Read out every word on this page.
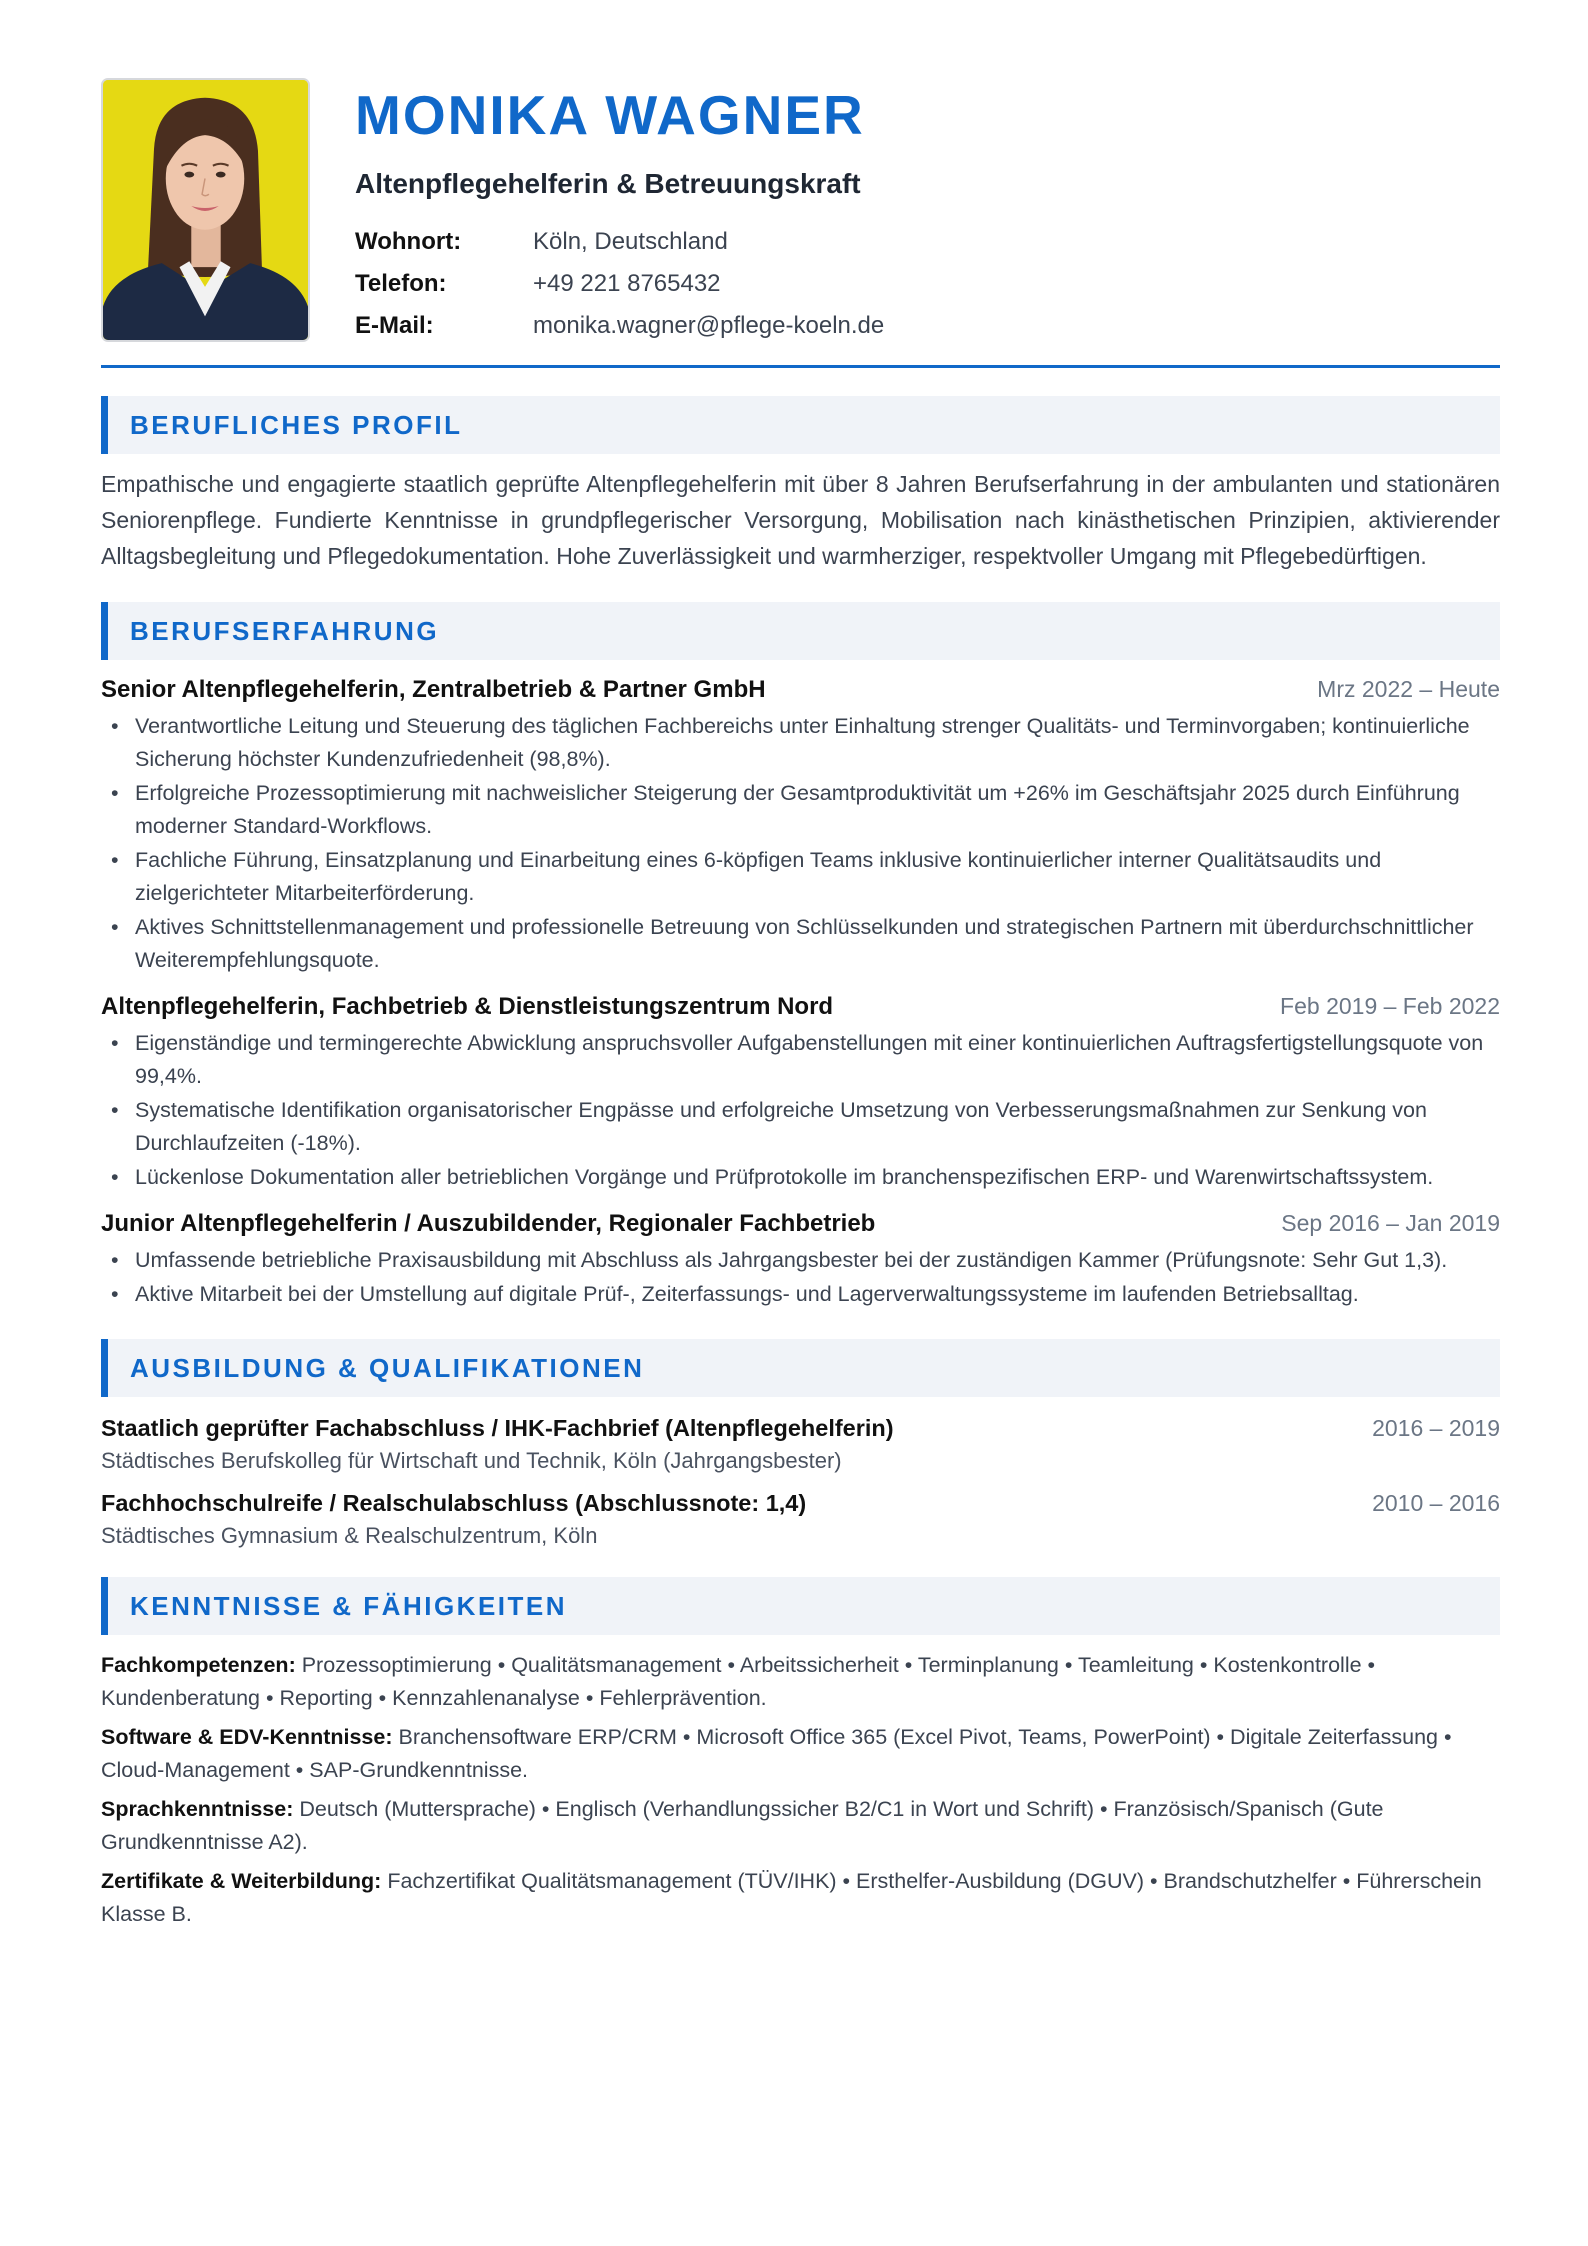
MONIKA WAGNER
Altenpflegehelferin & Betreuungskraft
Wohnort:	Köln, Deutschland
Telefon:	+49 221 8765432
E-Mail:	monika.wagner@pflege-koeln.de
BERUFLICHES PROFIL

Empathische und engagierte staatlich geprüfte Altenpflegehelferin mit über 8 Jahren Berufserfahrung in der ambulanten und stationären Seniorenpflege. Fundierte Kenntnisse in grundpflegerischer Versorgung, Mobilisation nach kinästhetischen Prinzipien, aktivierender Alltagsbegleitung und Pflegedokumentation. Hohe Zuverlässigkeit und warmherziger, respektvoller Umgang mit Pflegebedürftigen.

BERUFSERFAHRUNG
Senior Altenpflegehelferin, Zentralbetrieb & Partner GmbH	Mrz 2022 – Heute
• Verantwortliche Leitung und Steuerung des täglichen Fachbereichs unter Einhaltung strenger Qualitäts- und Terminvorgaben; kontinuierliche Sicherung höchster Kundenzufriedenheit (98,8%).
• Erfolgreiche Prozessoptimierung mit nachweislicher Steigerung der Gesamtproduktivität um +26% im Geschäftsjahr 2025 durch Einführung moderner Standard-Workflows.
• Fachliche Führung, Einsatzplanung und Einarbeitung eines 6-köpfigen Teams inklusive kontinuierlicher interner Qualitätsaudits und zielgerichteter Mitarbeiterförderung.
• Aktives Schnittstellenmanagement und professionelle Betreuung von Schlüsselkunden und strategischen Partnern mit überdurchschnittlicher Weiterempfehlungsquote.
Altenpflegehelferin, Fachbetrieb & Dienstleistungszentrum Nord	Feb 2019 – Feb 2022
• Eigenständige und termingerechte Abwicklung anspruchsvoller Aufgabenstellungen mit einer kontinuierlichen Auftragsfertigstellungsquote von 99,4%.
• Systematische Identifikation organisatorischer Engpässe und erfolgreiche Umsetzung von Verbesserungsmaßnahmen zur Senkung von Durchlaufzeiten (-18%).
• Lückenlose Dokumentation aller betrieblichen Vorgänge und Prüfprotokolle im branchenspezifischen ERP- und Warenwirtschaftssystem.
Junior Altenpflegehelferin / Auszubildender, Regionaler Fachbetrieb	Sep 2016 – Jan 2019
• Umfassende betriebliche Praxisausbildung mit Abschluss als Jahrgangsbester bei der zuständigen Kammer (Prüfungsnote: Sehr Gut 1,3).
• Aktive Mitarbeit bei der Umstellung auf digitale Prüf-, Zeiterfassungs- und Lagerverwaltungssysteme im laufenden Betriebsalltag.
AUSBILDUNG & QUALIFIKATIONEN
Staatlich geprüfter Fachabschluss / IHK-Fachbrief (Altenpflegehelferin)	2016 – 2019
Städtisches Berufskolleg für Wirtschaft und Technik, Köln (Jahrgangsbester)
Fachhochschulreife / Realschulabschluss (Abschlussnote: 1,4)	2010 – 2016
Städtisches Gymnasium & Realschulzentrum, Köln
KENNTNISSE & FÄHIGKEITEN

Fachkompetenzen: Prozessoptimierung • Qualitätsmanagement • Arbeitssicherheit • Terminplanung • Teamleitung • Kostenkontrolle • Kundenberatung • Reporting • Kennzahlenanalyse • Fehlerprävention.

Software & EDV-Kenntnisse: Branchensoftware ERP/CRM • Microsoft Office 365 (Excel Pivot, Teams, PowerPoint) • Digitale Zeiterfassung • Cloud-Management • SAP-Grundkenntnisse.

Sprachkenntnisse: Deutsch (Muttersprache) • Englisch (Verhandlungssicher B2/C1 in Wort und Schrift) • Französisch/Spanisch (Gute Grundkenntnisse A2).

Zertifikate & Weiterbildung: Fachzertifikat Qualitätsmanagement (TÜV/IHK) • Ersthelfer-Ausbildung (DGUV) • Brandschutzhelfer • Führerschein Klasse B.
